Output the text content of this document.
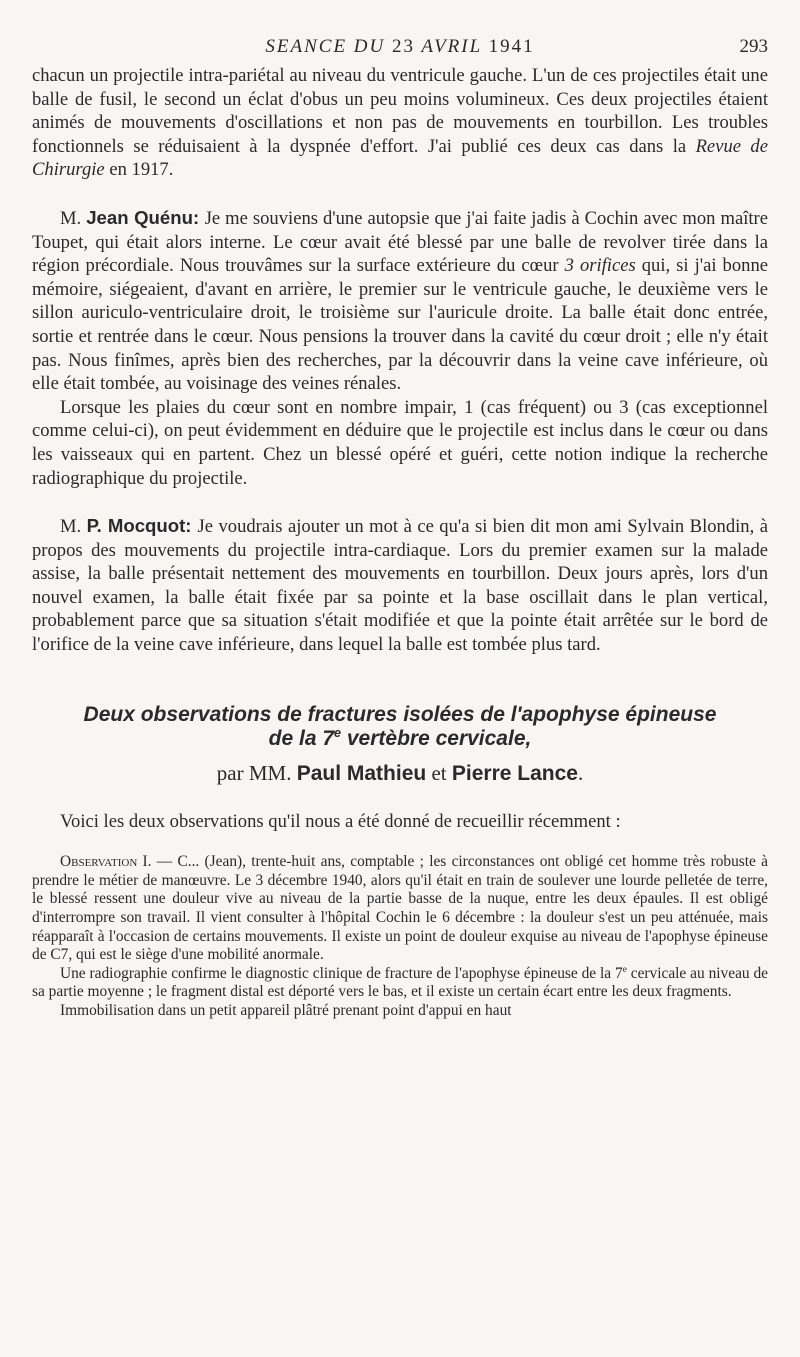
SEANCE DU 23 AVRIL 1941	293

chacun un projectile intra-pariétal au niveau du ventricule gauche. L'un de ces projectiles était une balle de fusil, le second un éclat d'obus un peu moins volumineux. Ces deux projectiles étaient animés de mouvements d'oscillations et non pas de mouvements en tourbillon. Les troubles fonctionnels se réduisaient à la dyspnée d'effort. J'ai publié ces deux cas dans la Revue de Chirurgie en 1917.

M. Jean Quénu: Je me souviens d'une autopsie que j'ai faite jadis à Cochin avec mon maître Toupet, qui était alors interne. Le cœur avait été blessé par une balle de revolver tirée dans la région précordiale. Nous trouvâmes sur la surface extérieure du cœur 3 orifices qui, si j'ai bonne mémoire, siégeaient, d'avant en arrière, le premier sur le ventricule gauche, le deuxième vers le sillon auriculo-ventriculaire droit, le troisième sur l'auricule droite. La balle était donc entrée, sortie et rentrée dans le cœur. Nous pensions la trouver dans la cavité du cœur droit ; elle n'y était pas. Nous finîmes, après bien des recherches, par la découvrir dans la veine cave inférieure, où elle était tombée, au voisinage des veines rénales.

Lorsque les plaies du cœur sont en nombre impair, 1 (cas fréquent) ou 3 (cas exceptionnel comme celui-ci), on peut évidemment en déduire que le projectile est inclus dans le cœur ou dans les vaisseaux qui en partent. Chez un blessé opéré et guéri, cette notion indique la recherche radiographique du projectile.

M. P. Mocquot: Je voudrais ajouter un mot à ce qu'a si bien dit mon ami Sylvain Blondin, à propos des mouvements du projectile intra-cardiaque. Lors du premier examen sur la malade assise, la balle présentait nettement des mouvements en tourbillon. Deux jours après, lors d'un nouvel examen, la balle était fixée par sa pointe et la base oscillait dans le plan vertical, probablement parce que sa situation s'était modifiée et que la pointe était arrêtée sur le bord de l'orifice de la veine cave inférieure, dans lequel la balle est tombée plus tard.

Deux observations de fractures isolées de l'apophyse épineuse
de la 7e vertèbre cervicale,
par MM. Paul Mathieu et Pierre Lance.

Voici les deux observations qu'il nous a été donné de recueillir récemment :

Observation I. — C... (Jean), trente-huit ans, comptable ; les circonstances ont obligé cet homme très robuste à prendre le métier de manœuvre. Le 3 décembre 1940, alors qu'il était en train de soulever une lourde pelletée de terre, le blessé ressent une douleur vive au niveau de la partie basse de la nuque, entre les deux épaules. Il est obligé d'interrompre son travail. Il vient consulter à l'hôpital Cochin le 6 décembre : la douleur s'est un peu atténuée, mais réapparaît à l'occasion de certains mouvements. Il existe un point de douleur exquise au niveau de l'apophyse épineuse de C7, qui est le siège d'une mobilité anormale.

Une radiographie confirme le diagnostic clinique de fracture de l'apophyse épineuse de la 7e cervicale au niveau de sa partie moyenne ; le fragment distal est déporté vers le bas, et il existe un certain écart entre les deux fragments.

Immobilisation dans un petit appareil plâtré prenant point d'appui en haut
